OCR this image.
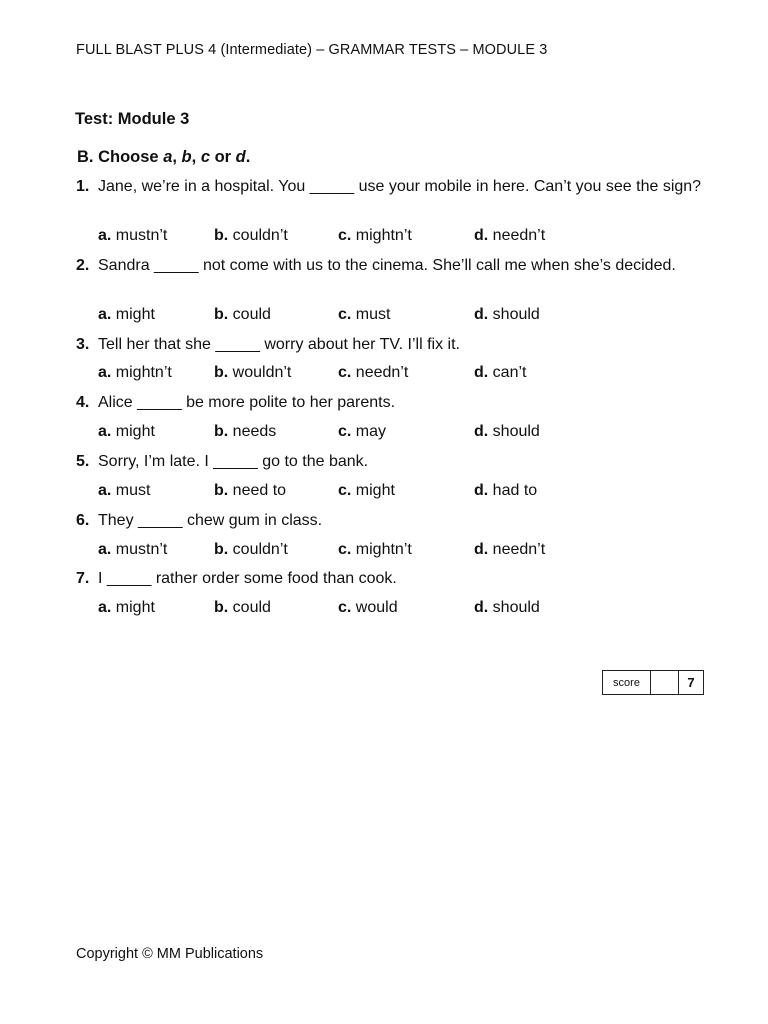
FULL BLAST PLUS 4 (Intermediate) – GRAMMAR TESTS – MODULE 3
Test: Module 3
B. Choose a, b, c or d.
1. Jane, we’re in a hospital. You _____ use your mobile in here. Can’t you see the sign?
a. mustn’t	b. couldn’t	c. mightn’t	d. needn’t
2. Sandra _____ not come with us to the cinema. She’ll call me when she’s decided.
a. might	b. could	c. must	d. should
3. Tell her that she _____ worry about her TV. I’ll fix it.
a. mightn’t	b. wouldn’t	c. needn’t	d. can’t
4. Alice _____ be more polite to her parents.
a. might	b. needs	c. may	d. should
5. Sorry, I’m late. I _____ go to the bank.
a. must	b. need to	c. might	d. had to
6. They _____ chew gum in class.
a. mustn’t	b. couldn’t	c. mightn’t	d. needn’t
7. I _____ rather order some food than cook.
a. might	b. could	c. would	d. should
score	7
Copyright © MM Publications
